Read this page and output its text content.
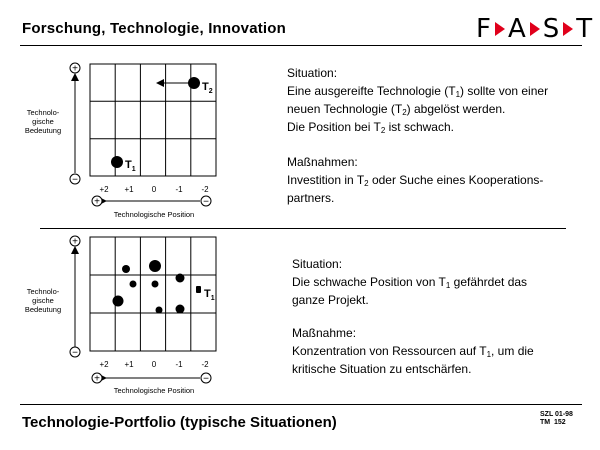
Forschung, Technologie, Innovation	F A S T
+
−
Technolo-
gische
Bedeutung
+2 +1 0 -1 -2
+	−
Technologische Position
$T_2$
$T_1$

Situation:

Eine ausgereifte Technologie $(T_1)$ sollte von einer

neuen Technologie $(T_2)$ abgelöst werden.

Die Position bei $T_2$ ist schwach.

Maßnahmen:

Investition in $T_2$ oder Suche eines Kooperations-

partners.

+
−
Technolo-
gische
Bedeutung
+2 +1 0 -1 -2
+	−
Technologische Position
$T_1$

Situation:

Die schwache Position von $T_1$ gefährdet das

ganze Projekt.

Maßnahme:

Konzentration von Ressourcen auf $T_1$, um die

kritische Situation zu entschärfen.

Technologie-Portfolio (typische Situationen)	SZL 01-98
TM  152
